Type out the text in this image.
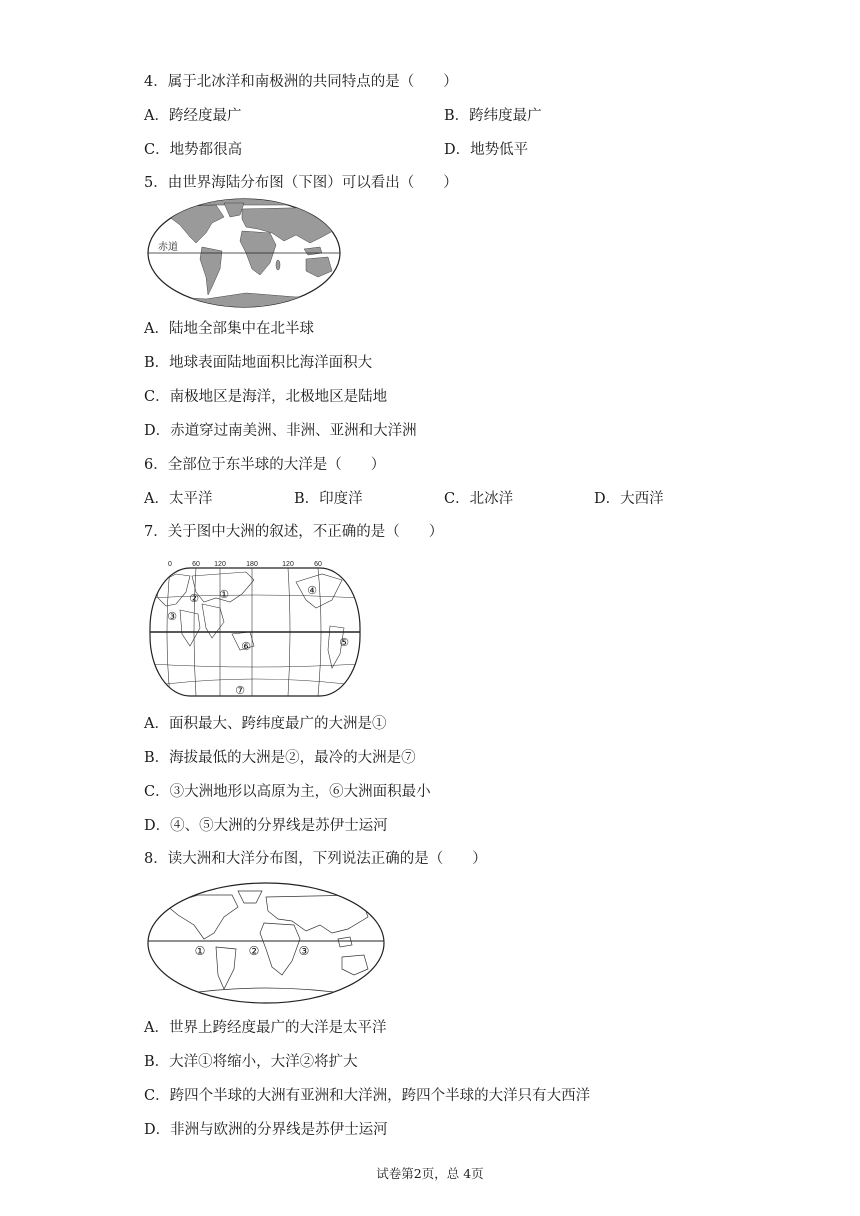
4．属于北冰洋和南极洲的共同特点的是（　　）
A．跨经度最广	B．跨纬度最广
C．地势都很高	D．地势低平
5．由世界海陆分布图（下图）可以看出（　　）
赤道
A．陆地全部集中在北半球
B．地球表面陆地面积比海洋面积大
C．南极地区是海洋，北极地区是陆地
D．赤道穿过南美洲、非洲、亚洲和大洋洲
6．全部位于东半球的大洋是（　　）
A．太平洋	B．印度洋	C．北冰洋	D．大西洋
7．关于图中大洲的叙述，不正确的是（　　）
0	60 120	180	120	60
①
②
③
④
⑤
⑥
⑦
A．面积最大、跨纬度最广的大洲是①
B．海拔最低的大洲是②，最冷的大洲是⑦
C．③大洲地形以高原为主，⑥大洲面积最小
D．④、⑤大洲的分界线是苏伊士运河
8．读大洲和大洋分布图，下列说法正确的是（　　）
①	②	③
A．世界上跨经度最广的大洋是太平洋
B．大洋①将缩小，大洋②将扩大
C．跨四个半球的大洲有亚洲和大洋洲，跨四个半球的大洋只有大西洋
D．非洲与欧洲的分界线是苏伊士运河
试卷第2页，总 4页
